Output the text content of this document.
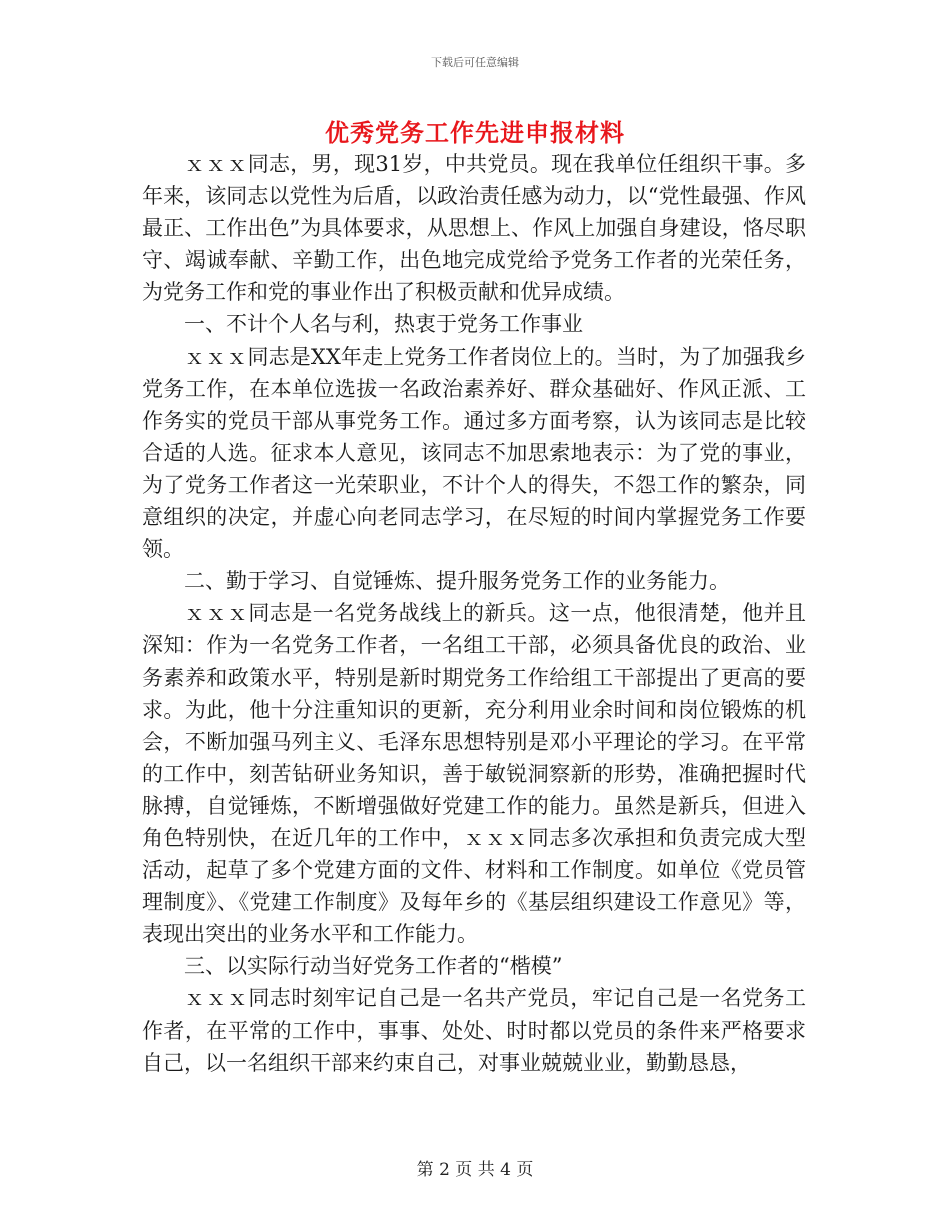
下载后可任意编辑
优秀党务工作先进申报材料

ｘｘｘ同志，男，现31岁，中共党员。现在我单位任组织干事。多年来，该同志以党性为后盾，以政治责任感为动力，以“党性最强、作风最正、工作出色”为具体要求，从思想上、作风上加强自身建设，恪尽职守、竭诚奉献、辛勤工作，出色地完成党给予党务工作者的光荣任务，为党务工作和党的事业作出了积极贡献和优异成绩。

一、不计个人名与利，热衷于党务工作事业

ｘｘｘ同志是XX年走上党务工作者岗位上的。当时，为了加强我乡党务工作，在本单位选拔一名政治素养好、群众基础好、作风正派、工作务实的党员干部从事党务工作。通过多方面考察，认为该同志是比较合适的人选。征求本人意见，该同志不加思索地表示：为了党的事业，为了党务工作者这一光荣职业，不计个人的得失，不怨工作的繁杂，同意组织的决定，并虚心向老同志学习，在尽短的时间内掌握党务工作要领。

二、勤于学习、自觉锤炼、提升服务党务工作的业务能力。

ｘｘｘ同志是一名党务战线上的新兵。这一点，他很清楚，他并且深知：作为一名党务工作者，一名组工干部，必须具备优良的政治、业务素养和政策水平，特别是新时期党务工作给组工干部提出了更高的要求。为此，他十分注重知识的更新，充分利用业余时间和岗位锻炼的机会，不断加强马列主义、毛泽东思想特别是邓小平理论的学习。在平常的工作中，刻苦钻研业务知识，善于敏锐洞察新的形势，准确把握时代脉搏，自觉锤炼，不断增强做好党建工作的能力。虽然是新兵，但进入角色特别快，在近几年的工作中，ｘｘｘ同志多次承担和负责完成大型活动，起草了多个党建方面的文件、材料和工作制度。如单位《党员管理制度》、《党建工作制度》及每年乡的《基层组织建设工作意见》等，表现出突出的业务水平和工作能力。

三、以实际行动当好党务工作者的“楷模”

ｘｘｘ同志时刻牢记自己是一名共产党员，牢记自己是一名党务工作者，在平常的工作中，事事、处处、时时都以党员的条件来严格要求自己，以一名组织干部来约束自己，对事业兢兢业业，勤勤恳恳，

第 2 页 共 4 页
